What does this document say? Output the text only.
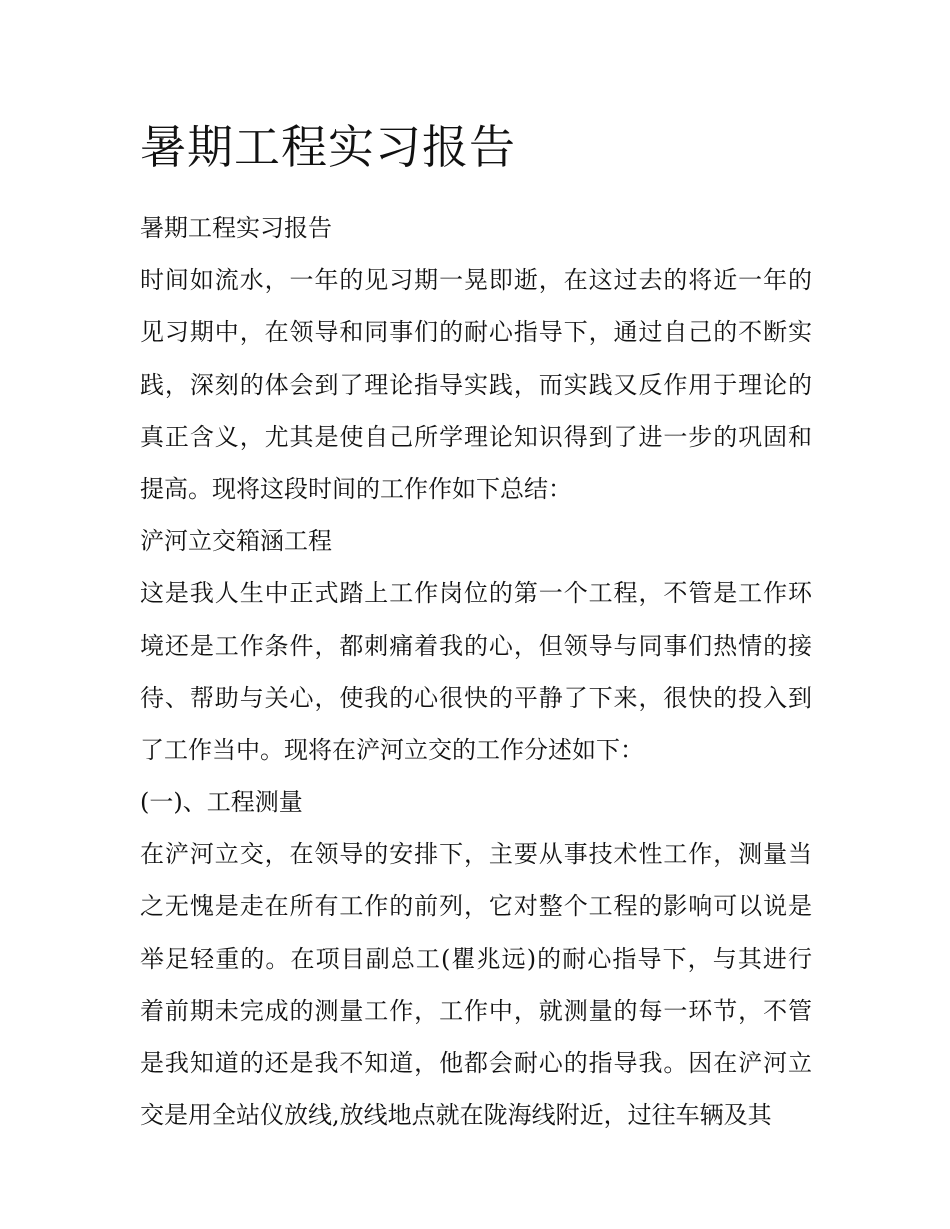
暑期工程实习报告
暑期工程实习报告
时间如流水，一年的见习期一晃即逝，在这过去的将近一年的
见习期中，在领导和同事们的耐心指导下，通过自己的不断实
践，深刻的体会到了理论指导实践，而实践又反作用于理论的
真正含义，尤其是使自己所学理论知识得到了进一步的巩固和
提高。现将这段时间的工作作如下总结：
浐河立交箱涵工程
这是我人生中正式踏上工作岗位的第一个工程，不管是工作环
境还是工作条件，都刺痛着我的心，但领导与同事们热情的接
待、帮助与关心，使我的心很快的平静了下来，很快的投入到
了工作当中。现将在浐河立交的工作分述如下：
(一)、工程测量
在浐河立交，在领导的安排下，主要从事技术性工作，测量当
之无愧是走在所有工作的前列，它对整个工程的影响可以说是
举足轻重的。在项目副总工(瞿兆远)的耐心指导下，与其进行
着前期未完成的测量工作，工作中，就测量的每一环节，不管
是我知道的还是我不知道，他都会耐心的指导我。因在浐河立
交是用全站仪放线,放线地点就在陇海线附近，过往车辆及其
